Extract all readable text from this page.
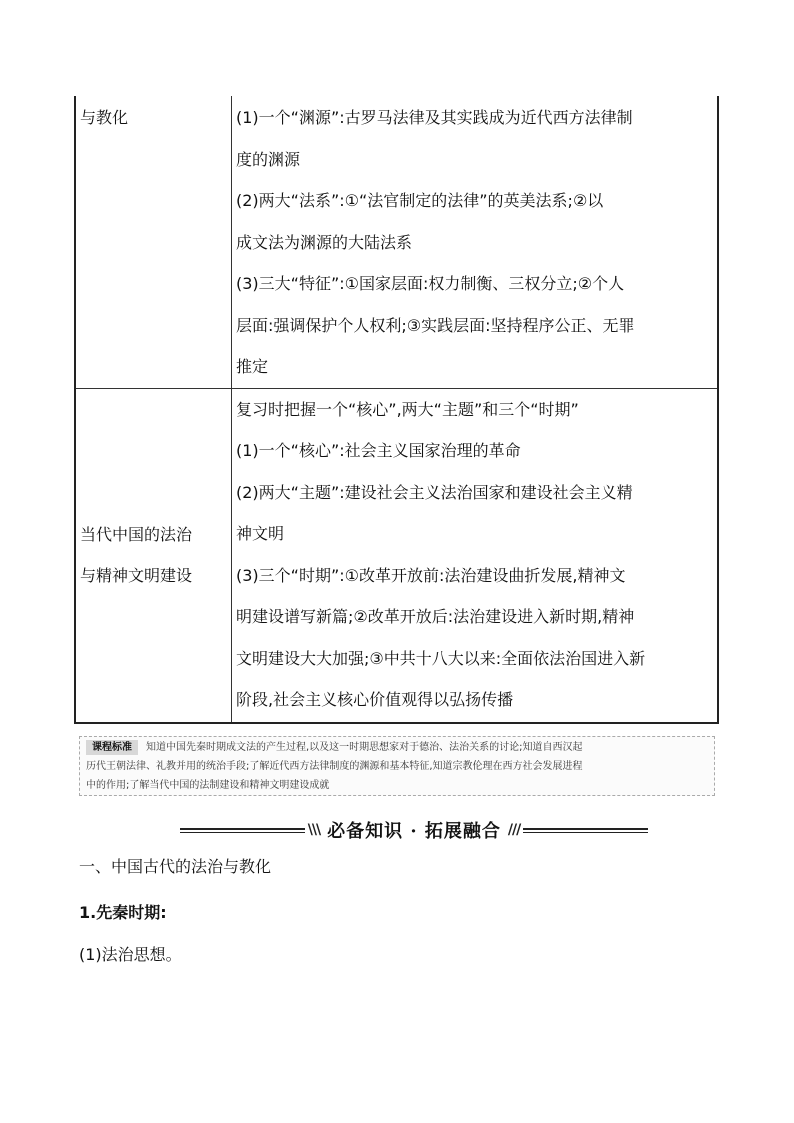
与教化	(1)一个“渊源”:古罗马法律及其实践成为近代西方法律制

度的渊源

(2)两大“法系”:①“法官制定的法律”的英美法系;②以

成文法为渊源的大陆法系

(3)三大“特征”:①国家层面:权力制衡、三权分立;②个人

层面:强调保护个人权利;③实践层面:坚持程序公正、无罪

推定

当代中国的法治

与精神文明建设

复习时把握一个“核心”,两大“主题”和三个“时期”

(1)一个“核心”:社会主义国家治理的革命

(2)两大“主题”:建设社会主义法治国家和建设社会主义精

神文明

(3)三个“时期”:①改革开放前:法治建设曲折发展,精神文

明建设谱写新篇;②改革开放后:法治建设进入新时期,精神

文明建设大大加强;③中共十八大以来:全面依法治国进入新

阶段,社会主义核心价值观得以弘扬传播

课程标准 知道中国先秦时期成文法的产生过程,以及这一时期思想家对于德治、法治关系的讨论;知道自西汉起
历代王朝法律、礼教并用的统治手段;了解近代西方法律制度的渊源和基本特征,知道宗教伦理在西方社会发展进程
中的作用;了解当代中国的法制建设和精神文明建设成就
\\\ 必备知识 · 拓展融合 ///
一、中国古代的法治与教化
1.先秦时期:
(1)法治思想。
